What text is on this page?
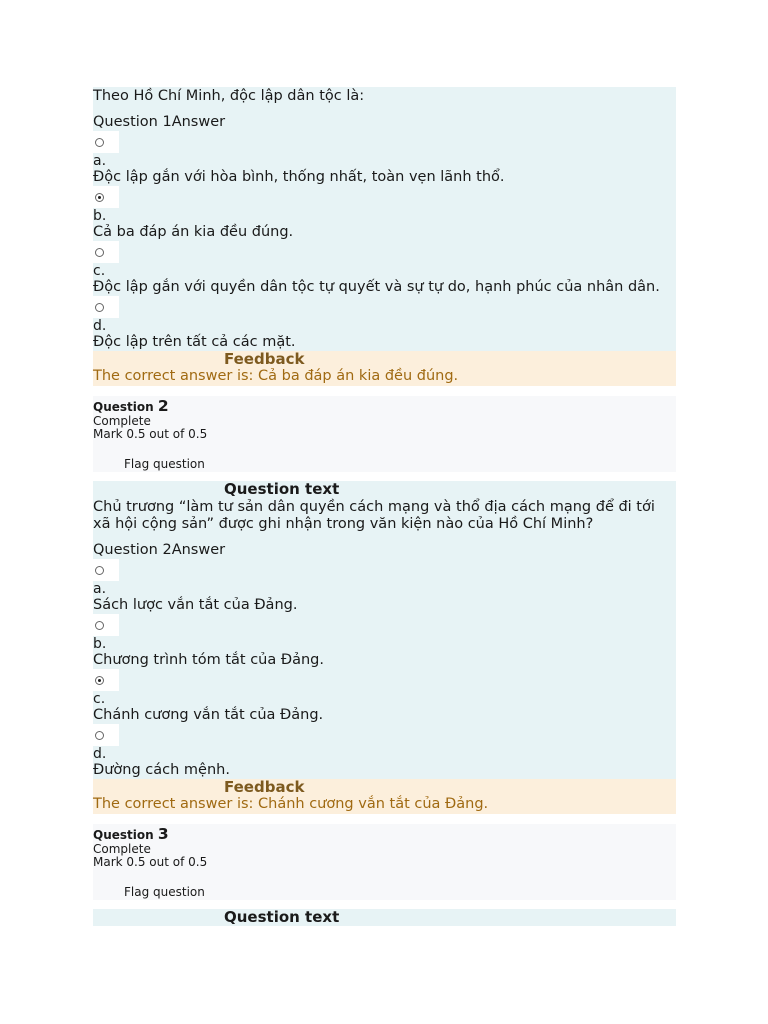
Theo Hồ Chí Minh, độc lập dân tộc là:
Question 1Answer
a.
Độc lập gắn với hòa bình, thống nhất, toàn vẹn lãnh thổ.
b.
Cả ba đáp án kia đều đúng.
c.
Độc lập gắn với quyền dân tộc tự quyết và sự tự do, hạnh phúc của nhân dân.
d.
Độc lập trên tất cả các mặt.
Feedback
The correct answer is: Cả ba đáp án kia đều đúng.
Question 2
Complete
Mark 0.5 out of 0.5
Flag question
Question text
Chủ trương “làm tư sản dân quyền cách mạng và thổ địa cách mạng để đi tới xã hội cộng sản” được ghi nhận trong văn kiện nào của Hồ Chí Minh?
Question 2Answer
a.
Sách lược vắn tắt của Đảng.
b.
Chương trình tóm tắt của Đảng.
c.
Chánh cương vắn tắt của Đảng.
d.
Đường cách mệnh.
Feedback
The correct answer is: Chánh cương vắn tắt của Đảng.
Question 3
Complete
Mark 0.5 out of 0.5
Flag question
Question text
